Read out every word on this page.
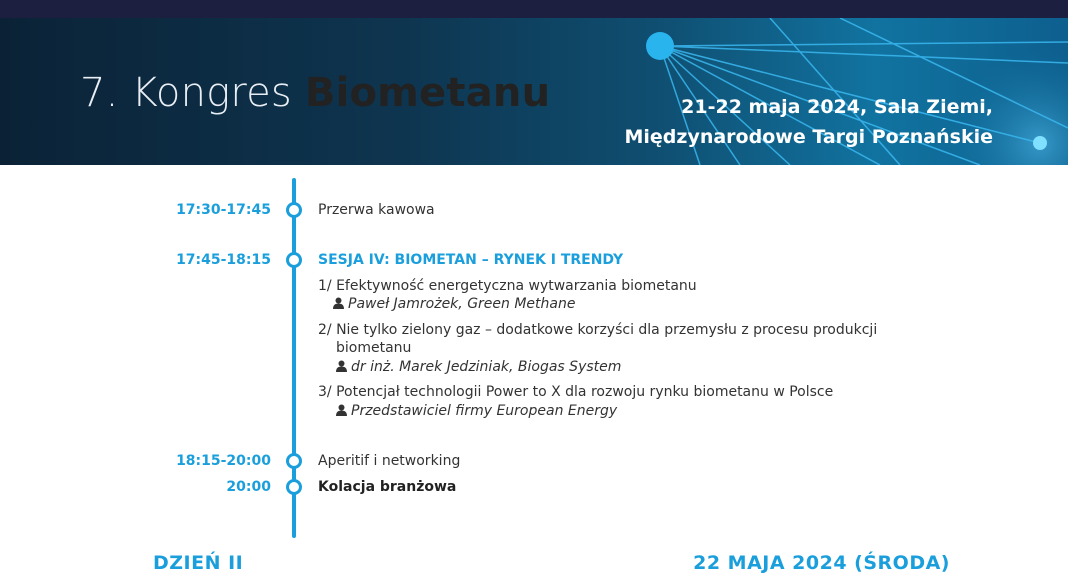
7. Kongres Biometanu	21-22 maja 2024, Sala Ziemi,
Międzynarodowe Targi Poznańskie
17:30-17:45	Przerwa kawowa
17:45-18:15	SESJA IV: BIOMETAN – RYNEK I TRENDY
1/ Efektywność energetyczna wytwarzania biometanu
Paweł Jamrożek, Green Methane
2/ Nie tylko zielony gaz – dodatkowe korzyści dla przemysłu z procesu produkcji
biometanu
dr inż. Marek Jedziniak, Biogas System
3/ Potencjał technologii Power to X dla rozwoju rynku biometanu w Polsce
Przedstawiciel firmy European Energy
18:15-20:00	Aperitif i networking
20:00	Kolacja branżowa
DZIEŃ II	22 MAJA 2024 (ŚRODA)
